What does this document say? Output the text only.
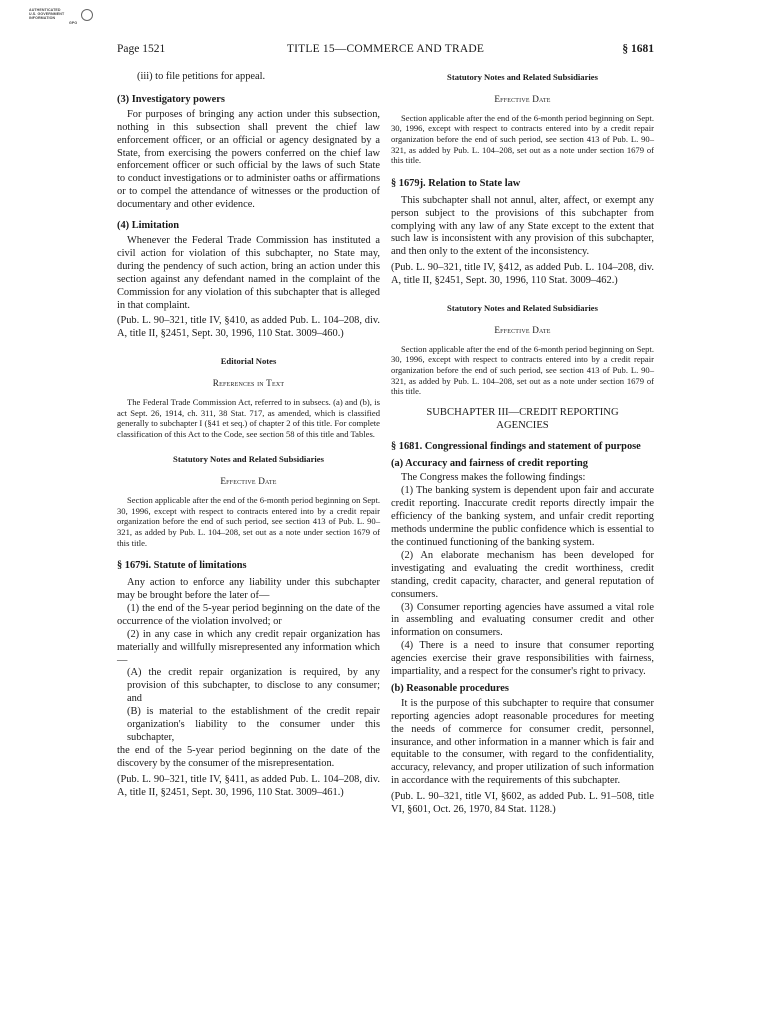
AUTHENTICATED
U.S. GOVERNMENT
INFORMATION
GPO
Page 1521	TITLE 15—COMMERCE AND TRADE	§ 1681

(iii) to file petitions for appeal.

(3) Investigatory powers

For purposes of bringing any action under this subsection, nothing in this subsection shall prevent the chief law enforcement officer, or an official or agency designated by a State, from exercising the powers conferred on the chief law enforcement officer or such official by the laws of such State to conduct investigations or to administer oaths or affirmations or to compel the attendance of witnesses or the production of documentary and other evidence.

(4) Limitation

Whenever the Federal Trade Commission has instituted a civil action for violation of this subchapter, no State may, during the pendency of such action, bring an action under this section against any defendant named in the complaint of the Commission for any violation of this subchapter that is alleged in that complaint.

(Pub. L. 90–321, title IV, §410, as added Pub. L. 104–208, div. A, title II, §2451, Sept. 30, 1996, 110 Stat. 3009–460.)

Editorial Notes

References in Text

The Federal Trade Commission Act, referred to in subsecs. (a) and (b), is act Sept. 26, 1914, ch. 311, 38 Stat. 717, as amended, which is classified generally to subchapter I (§41 et seq.) of chapter 2 of this title. For complete classification of this Act to the Code, see section 58 of this title and Tables.

Statutory Notes and Related Subsidiaries

Effective Date

Section applicable after the end of the 6-month period beginning on Sept. 30, 1996, except with respect to contracts entered into by a credit repair organization before the end of such period, see section 413 of Pub. L. 90–321, as added by Pub. L. 104–208, set out as a note under section 1679 of this title.

§ 1679i. Statute of limitations

Any action to enforce any liability under this subchapter may be brought before the later of—

(1) the end of the 5-year period beginning on the date of the occurrence of the violation involved; or

(2) in any case in which any credit repair organization has materially and willfully misrepresented any information which—

(A) the credit repair organization is required, by any provision of this subchapter, to disclose to any consumer; and

(B) is material to the establishment of the credit repair organization's liability to the consumer under this subchapter,

the end of the 5-year period beginning on the date of the discovery by the consumer of the misrepresentation.

(Pub. L. 90–321, title IV, §411, as added Pub. L. 104–208, div. A, title II, §2451, Sept. 30, 1996, 110 Stat. 3009–461.)

Statutory Notes and Related Subsidiaries

Effective Date

Section applicable after the end of the 6-month period beginning on Sept. 30, 1996, except with respect to contracts entered into by a credit repair organization before the end of such period, see section 413 of Pub. L. 90–321, as added by Pub. L. 104–208, set out as a note under section 1679 of this title.

§ 1679j. Relation to State law

This subchapter shall not annul, alter, affect, or exempt any person subject to the provisions of this subchapter from complying with any law of any State except to the extent that such law is inconsistent with any provision of this subchapter, and then only to the extent of the inconsistency.

(Pub. L. 90–321, title IV, §412, as added Pub. L. 104–208, div. A, title II, §2451, Sept. 30, 1996, 110 Stat. 3009–462.)

Statutory Notes and Related Subsidiaries

Effective Date

Section applicable after the end of the 6-month period beginning on Sept. 30, 1996, except with respect to contracts entered into by a credit repair organization before the end of such period, see section 413 of Pub. L. 90–321, as added by Pub. L. 104–208, set out as a note under section 1679 of this title.

SUBCHAPTER III—CREDIT REPORTING AGENCIES

§ 1681. Congressional findings and statement of purpose

(a) Accuracy and fairness of credit reporting

The Congress makes the following findings:

(1) The banking system is dependent upon fair and accurate credit reporting. Inaccurate credit reports directly impair the efficiency of the banking system, and unfair credit reporting methods undermine the public confidence which is essential to the continued functioning of the banking system.

(2) An elaborate mechanism has been developed for investigating and evaluating the credit worthiness, credit standing, credit capacity, character, and general reputation of consumers.

(3) Consumer reporting agencies have assumed a vital role in assembling and evaluating consumer credit and other information on consumers.

(4) There is a need to insure that consumer reporting agencies exercise their grave responsibilities with fairness, impartiality, and a respect for the consumer's right to privacy.

(b) Reasonable procedures

It is the purpose of this subchapter to require that consumer reporting agencies adopt reasonable procedures for meeting the needs of commerce for consumer credit, personnel, insurance, and other information in a manner which is fair and equitable to the consumer, with regard to the confidentiality, accuracy, relevancy, and proper utilization of such information in accordance with the requirements of this subchapter.

(Pub. L. 90–321, title VI, §602, as added Pub. L. 91–508, title VI, §601, Oct. 26, 1970, 84 Stat. 1128.)
